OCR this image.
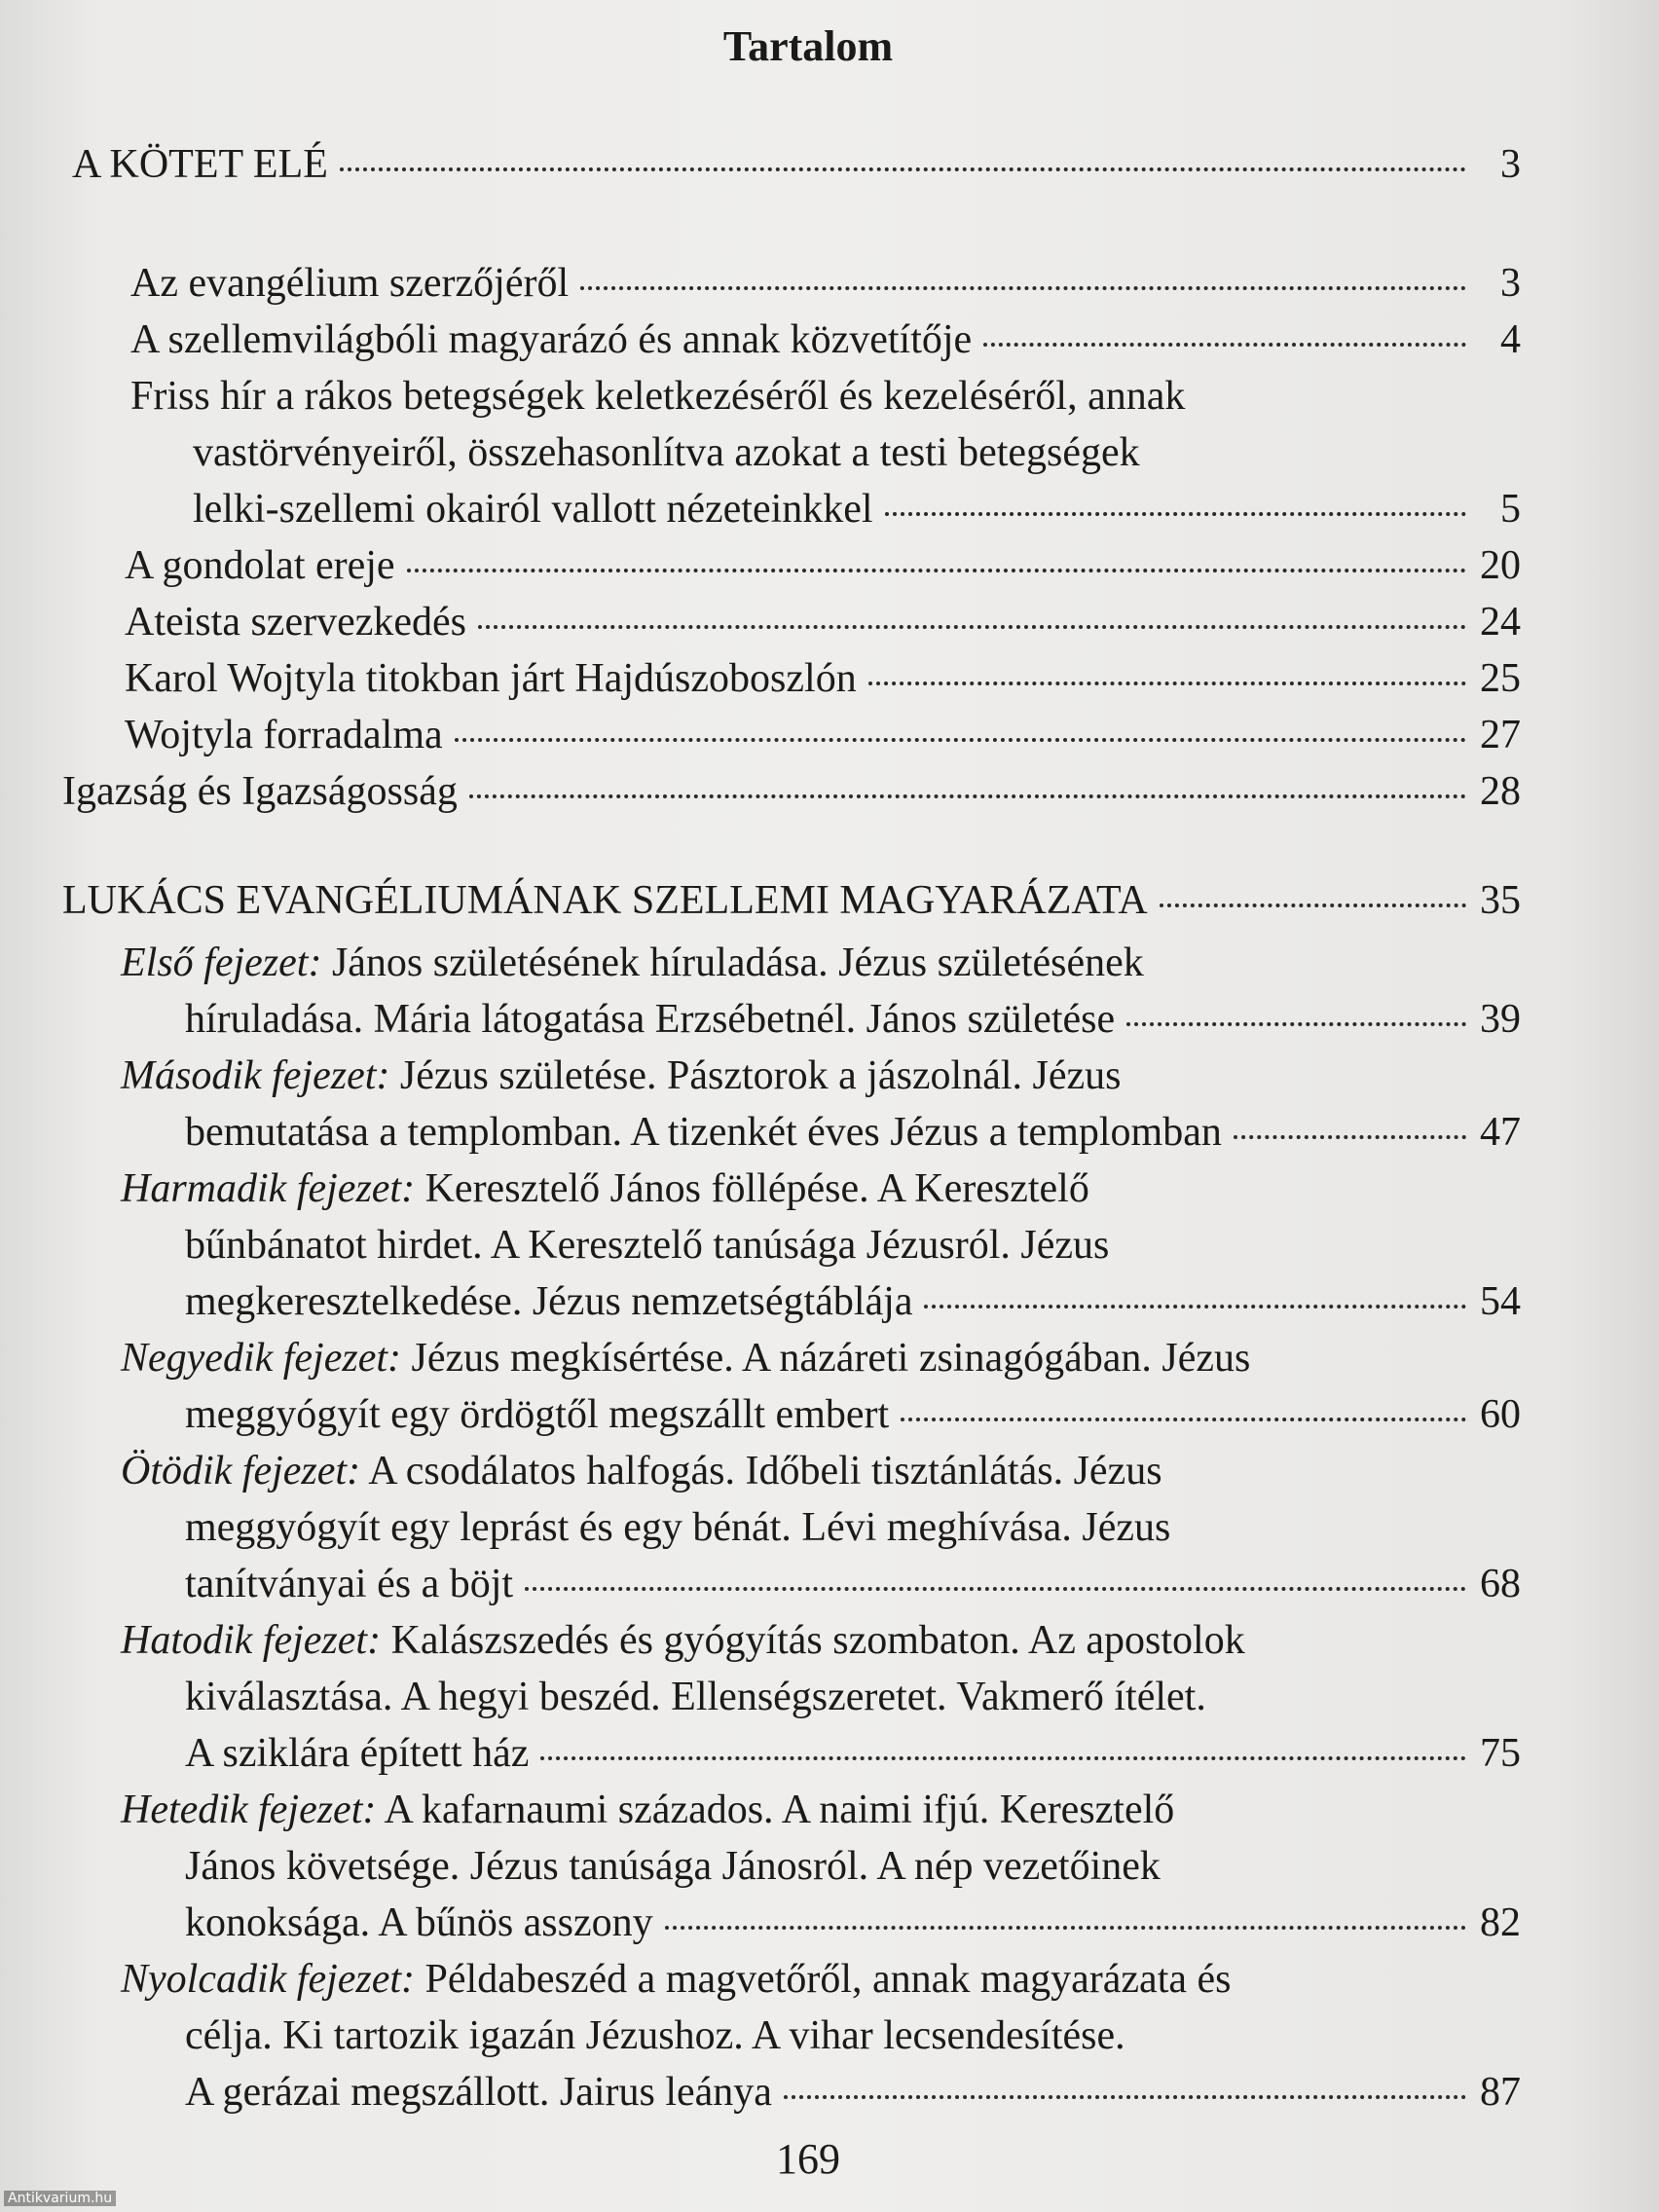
Tartalom
A KÖTET ELÉ	3
Az evangélium szerzőjéről	3
A szellemvilágbóli magyarázó és annak közvetítője	4
Friss hír a rákos betegségek keletkezéséről és kezeléséről, annak
vastörvényeiről, összehasonlítva azokat a testi betegségek
lelki-szellemi okairól vallott nézeteinkkel	5
A gondolat ereje	20
Ateista szervezkedés	24
Karol Wojtyla titokban járt Hajdúszoboszlón	25
Wojtyla forradalma	27
Igazság és Igazságosság	28
LUKÁCS EVANGÉLIUMÁNAK SZELLEMI MAGYARÁZATA	35
Első fejezet: János születésének híruladása. Jézus születésének
híruladása. Mária látogatása Erzsébetnél. János születése	39
Második fejezet: Jézus születése. Pásztorok a jászolnál. Jézus
bemutatása a templomban. A tizenkét éves Jézus a templomban	47
Harmadik fejezet: Keresztelő János föllépése. A Keresztelő
bűnbánatot hirdet. A Keresztelő tanúsága Jézusról. Jézus
megkeresztelkedése. Jézus nemzetségtáblája	54
Negyedik fejezet: Jézus megkísértése. A názáreti zsinagógában. Jézus
meggyógyít egy ördögtől megszállt embert	60
Ötödik fejezet: A csodálatos halfogás. Időbeli tisztánlátás. Jézus
meggyógyít egy leprást és egy bénát. Lévi meghívása. Jézus
tanítványai és a böjt	68
Hatodik fejezet: Kalászszedés és gyógyítás szombaton. Az apostolok
kiválasztása. A hegyi beszéd. Ellenségszeretet. Vakmerő ítélet.
A sziklára épített ház	75
Hetedik fejezet: A kafarnaumi százados. A naimi ifjú. Keresztelő
János követsége. Jézus tanúsága Jánosról. A nép vezetőinek
konoksága. A bűnös asszony	82
Nyolcadik fejezet: Példabeszéd a magvetőről, annak magyarázata és
célja. Ki tartozik igazán Jézushoz. A vihar lecsendesítése.
A gerázai megszállott. Jairus leánya	87
169
Antikvarium.hu
